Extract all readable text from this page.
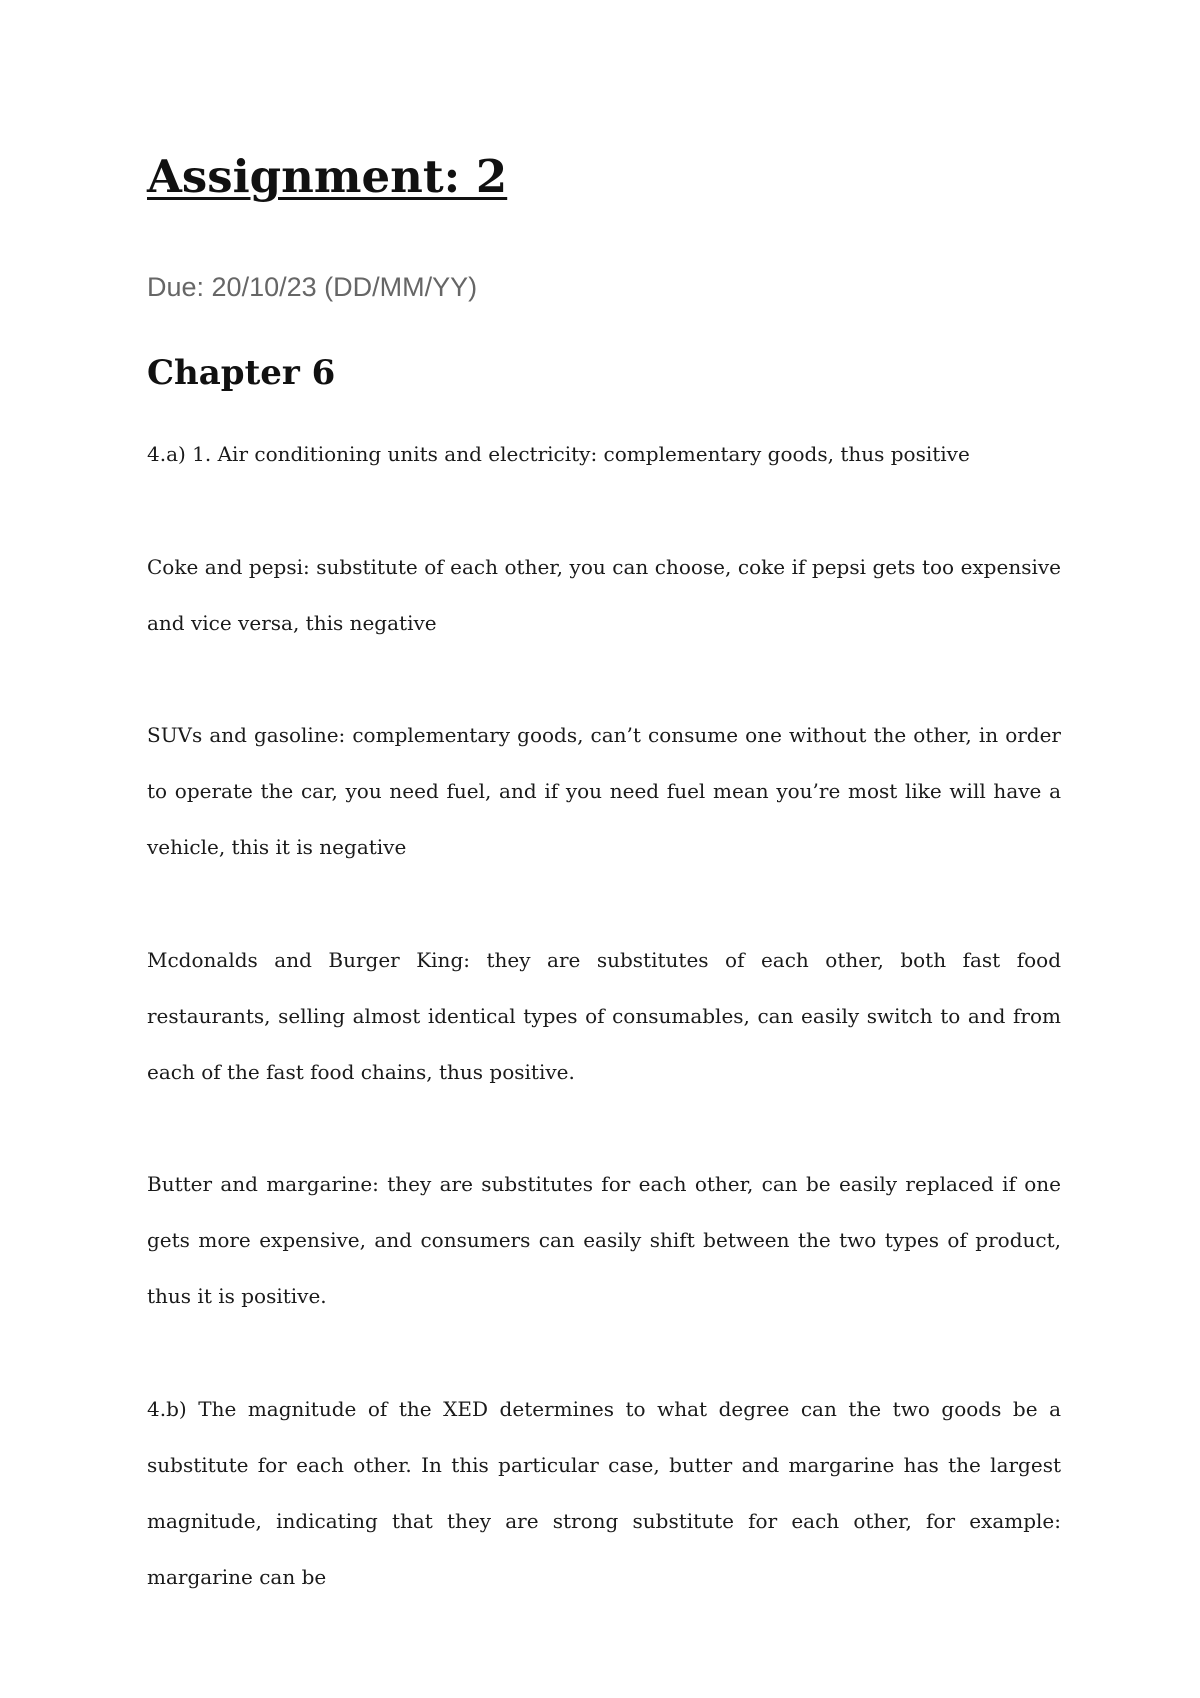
Assignment: 2

Due: 20/10/23 (DD/MM/YY)

Chapter 6

4.a) 1. Air conditioning units and electricity: complementary goods, thus positive

Coke and pepsi: substitute of each other, you can choose, coke if pepsi gets too expensive and vice versa, this negative

SUVs and gasoline: complementary goods, can’t consume one without the other, in order to operate the car, you need fuel, and if you need fuel mean you’re most like will have a vehicle, this it is negative

Mcdonalds and Burger King: they are substitutes of each other, both fast food restaurants, selling almost identical types of consumables, can easily switch to and from each of the fast food chains, thus positive.

Butter and margarine: they are substitutes for each other, can be easily replaced if one gets more expensive, and consumers can easily shift between the two types of product, thus it is positive.

4.b) The magnitude of the XED determines to what degree can the two goods be a substitute for each other. In this particular case, butter and margarine has the largest magnitude, indicating that they are strong substitute for each other, for example: margarine can be
